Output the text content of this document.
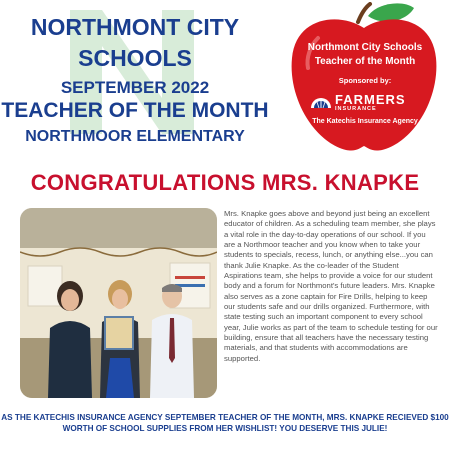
NORTHMONT CITY
SCHOOLS
SEPTEMBER 2022
TEACHER OF THE MONTH
NORTHMOOR ELEMENTARY
Northmont City Schools
Teacher of the Month
Sponsored by:
FARMERS
INSURANCE
The Katechis Insurance Agency
CONGRATULATIONS MRS. KNAPKE
Mrs. Knapke goes above and beyond just being an excellent educator of children. As a scheduling team member, she plays a vital role in the day-to-day operations of our school. If you are a Northmoor teacher and you know when to take your students to specials, recess, lunch, or anything else...you can thank Julie Knapke. As the co-leader of the Student Aspirations team, she helps to provide a voice for our student body and a forum for Northmont's future leaders. Mrs. Knapke also serves as a zone captain for Fire Drills, helping to keep our students safe and our drills organized. Furthermore, with state testing such an important component to every school year, Julie works as part of the team to schedule testing for our building, ensure that all teachers have the necessary testing materials, and that students with accommodations are supported.
AS THE KATECHIS INSURANCE AGENCY SEPTEMBER TEACHER OF THE MONTH, MRS. KNAPKE RECIEVED $100 WORTH OF SCHOOL SUPPLIES FROM HER WISHLIST! YOU DESERVE THIS JULIE!
